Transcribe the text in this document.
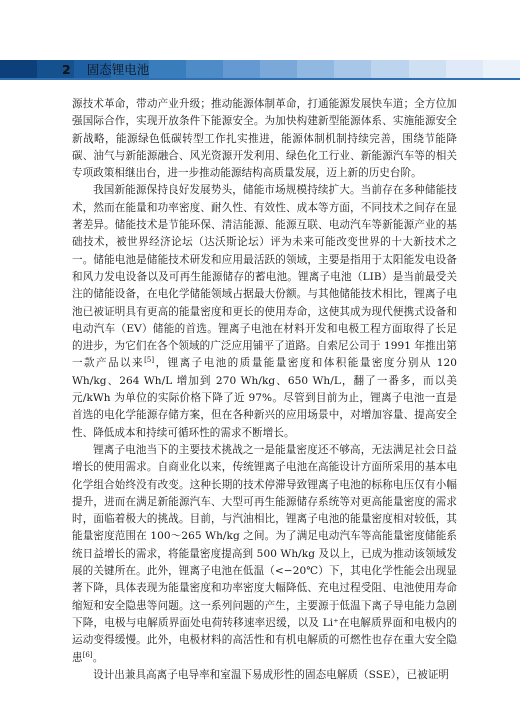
2 固态锂电池

源技术革命，带动产业升级；推动能源体制革命，打通能源发展快车道；全方位加强国际合作，实现开放条件下能源安全。为加快构建新型能源体系、实施能源安全新战略，能源绿色低碳转型工作扎实推进，能源体制机制持续完善，围绕节能降碳、油气与新能源融合、风光资源开发利用、绿色化工行业、新能源汽车等的相关专项政策相继出台，进一步推动能源结构高质量发展，迈上新的历史台阶。

我国新能源保持良好发展势头，储能市场规模持续扩大。当前存在多种储能技术，然而在能量和功率密度、耐久性、有效性、成本等方面，不同技术之间存在显著差异。储能技术是节能环保、清洁能源、能源互联、电动汽车等新能源产业的基础技术，被世界经济论坛（达沃斯论坛）评为未来可能改变世界的十大新技术之一。储能电池是储能技术研发和应用最活跃的领域，主要是指用于太阳能发电设备和风力发电设备以及可再生能源储存的蓄电池。锂离子电池（LIB）是当前最受关注的储能设备，在电化学储能领域占据最大份额。与其他储能技术相比，锂离子电池已被证明具有更高的能量密度和更长的使用寿命，这使其成为现代便携式设备和电动汽车（EV）储能的首选。锂离子电池在材料开发和电极工程方面取得了长足的进步，为它们在各个领域的广泛应用铺平了道路。自索尼公司于 1991 年推出第一款产品以来[5]，锂离子电池的质量能量密度和体积能量密度分别从 120 Wh/kg、264 Wh/L 增加到 270 Wh/kg、650 Wh/L，翻了一番多，而以美元/kWh 为单位的实际价格下降了近 97%。尽管到目前为止，锂离子电池一直是首选的电化学能源存储方案，但在各种新兴的应用场景中，对增加容量、提高安全性、降低成本和持续可循环性的需求不断增长。

锂离子电池当下的主要技术挑战之一是能量密度还不够高，无法满足社会日益增长的使用需求。自商业化以来，传统锂离子电池在高能设计方面所采用的基本电化学组合始终没有改变。这种长期的技术停滞导致锂离子电池的标称电压仅有小幅提升，进而在满足新能源汽车、大型可再生能源储存系统等对更高能量密度的需求时，面临着极大的挑战。目前，与汽油相比，锂离子电池的能量密度相对较低，其能量密度范围在 100～265 Wh/kg 之间。为了满足电动汽车等高能量密度储能系统日益增长的需求，将能量密度提高到 500 Wh/kg 及以上，已成为推动该领域发展的关键所在。此外，锂离子电池在低温（<−20℃）下，其电化学性能会出现显著下降，具体表现为能量密度和功率密度大幅降低、充电过程受阻、电池使用寿命缩短和安全隐患等问题。这一系列问题的产生，主要源于低温下离子导电能力急剧下降，电极与电解质界面处电荷转移速率迟缓，以及 Li⁺在电解质界面和电极内的运动变得缓慢。此外，电极材料的高活性和有机电解质的可燃性也存在重大安全隐患[6]。

设计出兼具高离子电导率和室温下易成形性的固态电解质（SSE），已被证明
